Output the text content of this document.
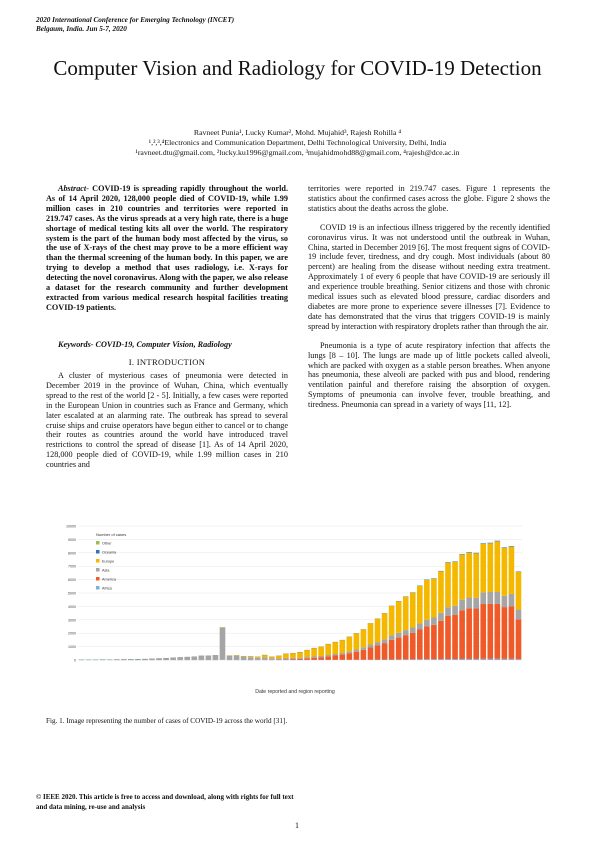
2020 International Conference for Emerging Technology (INCET)
Belgaum, India. Jun 5-7, 2020
Computer Vision and Radiology for COVID-19 Detection
Ravneet Punia¹, Lucky Kumar², Mohd. Mujahid³, Rajesh Rohilla ⁴
¹,²,³,⁴Electronics and Communication Department, Delhi Technological University, Delhi, India
¹ravneet.dtu@gmail.com, ²lucky.ku1996@gmail.com, ³mujahidmohd88@gmail.com, ⁴rajesh@dce.ac.in
Abstract- COVID-19 is spreading rapidly throughout the world. As of 14 April 2020, 128,000 people died of COVID-19, while 1.99 million cases in 210 countries and territories were reported in 219.747 cases. As the virus spreads at a very high rate, there is a huge shortage of medical testing kits all over the world. The respiratory system is the part of the human body most affected by the virus, so the use of X-rays of the chest may prove to be a more efficient way than the thermal screening of the human body. In this paper, we are trying to develop a method that uses radiology, i.e. X-rays for detecting the novel coronavirus. Along with the paper, we also release a dataset for the research community and further development extracted from various medical research hospital facilities treating COVID-19 patients.
Keywords- COVID-19, Computer Vision, Radiology
I. INTRODUCTION

A cluster of mysterious cases of pneumonia were detected in December 2019 in the province of Wuhan, China, which eventually spread to the rest of the world [2 - 5]. Initially, a few cases were reported in the European Union in countries such as France and Germany, which later escalated at an alarming rate. The outbreak has spread to several cruise ships and cruise operators have begun either to cancel or to change their routes as countries around the world have introduced travel restrictions to control the spread of disease [1]. As of 14 April 2020, 128,000 people died of COVID-19, while 1.99 million cases in 210 countries and

territories were reported in 219.747 cases. Figure 1 represents the statistics about the confirmed cases across the globe. Figure 2 shows the statistics about the deaths across the globe.

COVID 19 is an infectious illness triggered by the recently identified coronavirus virus. It was not understood until the outbreak in Wuhan, China, started in December 2019 [6]. The most frequent signs of COVID-19 include fever, tiredness, and dry cough. Most individuals (about 80 percent) are healing from the disease without needing extra treatment. Approximately 1 of every 6 people that have COVID-19 are seriously ill and experience trouble breathing. Senior citizens and those with chronic medical issues such as elevated blood pressure, cardiac disorders and diabetes are more prone to experience severe illnesses [7]. Evidence to date has demonstrated that the virus that triggers COVID-19 is mainly spread by interaction with respiratory droplets rather than through the air.

Pneumonia is a type of acute respiratory infection that affects the lungs [8 – 10]. The lungs are made up of little pockets called alveoli, which are packed with oxygen as a stable person breathes. When anyone has pneumonia, these alveoli are packed with pus and blood, rendering ventilation painful and therefore raising the absorption of oxygen. Symptoms of pneumonia can involve fever, trouble breathing, and tiredness. Pneumonia can spread in a variety of ways [11, 12].

0
1000
2000
3000
4000
5000
6000
7000
8000
9000
10000
Number of cases
Other
Oceania
Europe
Asia
America
Africa
Date reported and region reporting
Fig. 1. Image representing the number of cases of COVID-19 across the world [31].
© IEEE 2020. This article is free to access and download, along with rights for full text and data mining, re-use and analysis
1
